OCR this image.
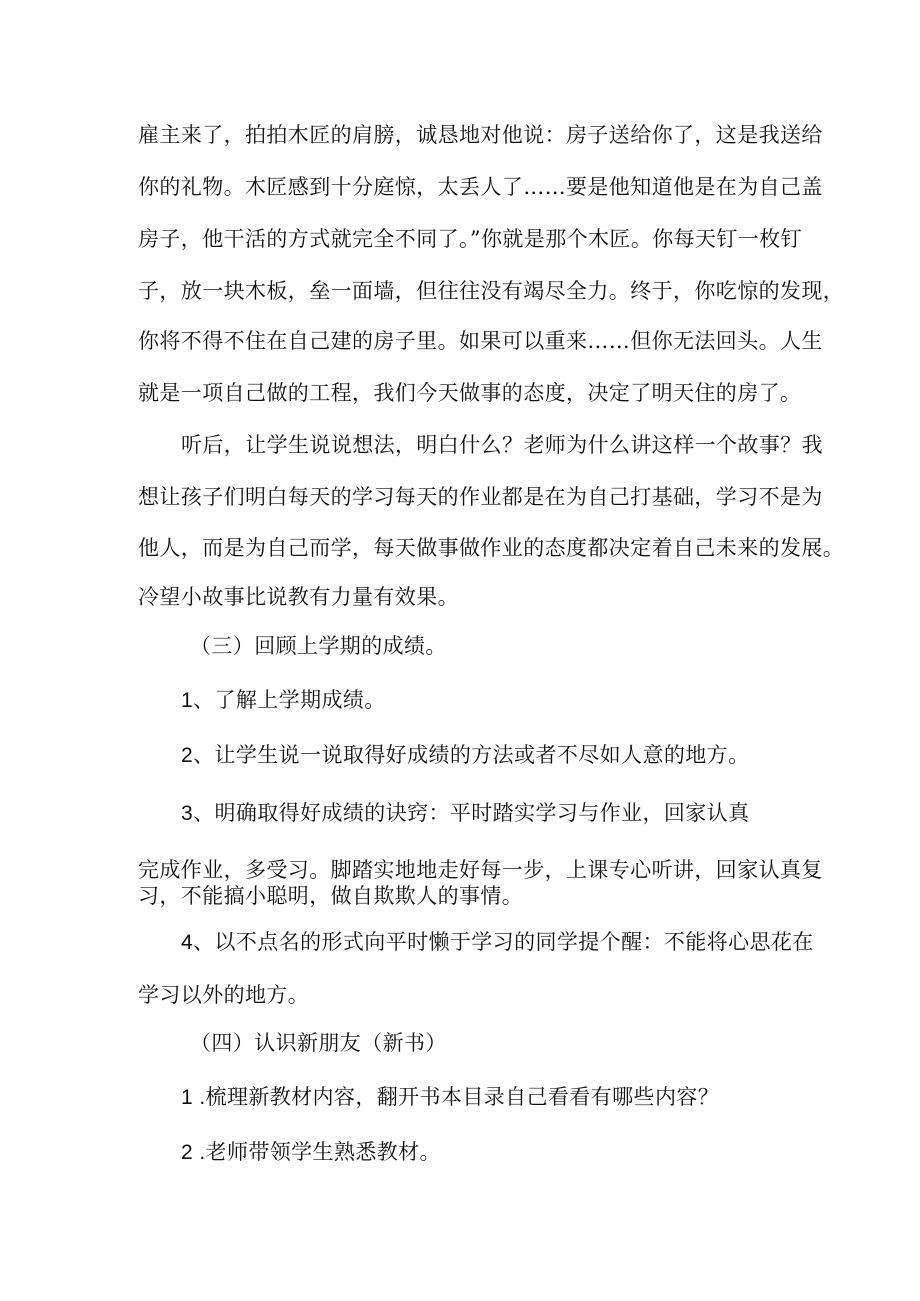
雇主来了，拍拍木匠的肩膀，诚恳地对他说：房子送给你了，这是我送给
你的礼物。木匠感到十分庭惊，太丢人了……要是他知道他是在为自己盖
房子，他干活的方式就完全不同了。”你就是那个木匠。你每天钉一枚钉
子，放一块木板，垒一面墙，但往往没有竭尽全力。终于，你吃惊的发现，
你将不得不住在自己建的房子里。如果可以重来……但你无法回头。人生
就是一项自己做的工程，我们今天做事的态度，决定了明天住的房了。
听后，让学生说说想法，明白什么？老师为什么讲这样一个故事？我
想让孩子们明白每天的学习每天的作业都是在为自己打基础，学习不是为
他人，而是为自己而学，每天做事做作业的态度都决定着自己未来的发展。
冷望小故事比说教有力量有效果。
（三）回顾上学期的成绩。
1、了解上学期成绩。
2、让学生说一说取得好成绩的方法或者不尽如人意的地方。
3、明确取得好成绩的诀窍：平时踏实学习与作业，回家认真
完成作业，多受习。脚踏实地地走好每一步，上课专心听讲，回家认真复
习，不能搞小聪明，做自欺欺人的事情。
4、以不点名的形式向平时懒于学习的同学提个醒：不能将心思花在
学习以外的地方。
（四）认识新朋友（新书）
1 .梳理新教材内容，翻开书本目录自己看看有哪些内容？
2 .老师带领学生熟悉教材。
